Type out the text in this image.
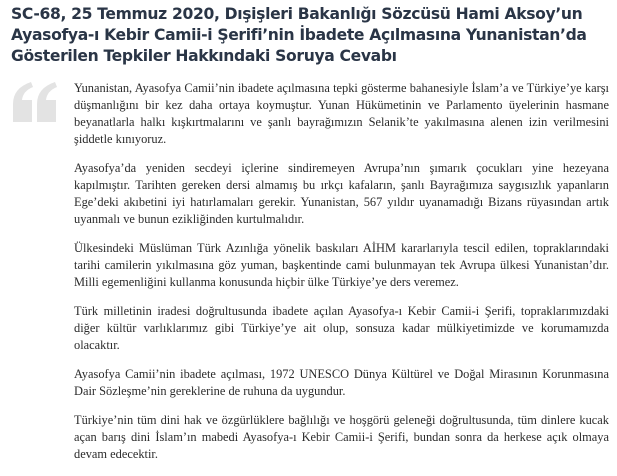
SC-68, 25 Temmuz 2020, Dışişleri Bakanlığı Sözcüsü Hami Aksoy’un Ayasofya-ı Kebir Camii-i Şerifi’nin İbadete Açılmasına Yunanistan’da Gösterilen Tepkiler Hakkındaki Soruya Cevabı

Yunanistan, Ayasofya Camii’nin ibadete açılmasına tepki gösterme bahanesiyle İslam’a ve Türkiye’ye karşı düşmanlığını bir kez daha ortaya koymuştur. Yunan Hükümetinin ve Parlamento üyelerinin hasmane beyanatlarla halkı kışkırtmalarını ve şanlı bayrağımızın Selanik’te yakılmasına alenen izin verilmesini şiddetle kınıyoruz.

Ayasofya’da yeniden secdeyi içlerine sindiremeyen Avrupa’nın şımarık çocukları yine hezeyana kapılmıştır. Tarihten gereken dersi almamış bu ırkçı kafaların, şanlı Bayrağımıza saygısızlık yapanların Ege’deki akıbetini iyi hatırlamaları gerekir. Yunanistan, 567 yıldır uyanamadığı Bizans rüyasından artık uyanmalı ve bunun ezikliğinden kurtulmalıdır.

Ülkesindeki Müslüman Türk Azınlığa yönelik baskıları AİHM kararlarıyla tescil edilen, topraklarındaki tarihi camilerin yıkılmasına göz yuman, başkentinde cami bulunmayan tek Avrupa ülkesi Yunanistan’dır. Milli egemenliğini kullanma konusunda hiçbir ülke Türkiye’ye ders veremez.

Türk milletinin iradesi doğrultusunda ibadete açılan Ayasofya-ı Kebir Camii-i Şerifi, topraklarımızdaki diğer kültür varlıklarımız gibi Türkiye’ye ait olup, sonsuza kadar mülkiyetimizde ve korumamızda olacaktır.

Ayasofya Camii’nin ibadete açılması, 1972 UNESCO Dünya Kültürel ve Doğal Mirasının Korunmasına Dair Sözleşme’nin gereklerine de ruhuna da uygundur.

Türkiye’nin tüm dini hak ve özgürlüklere bağlılığı ve hoşgörü geleneği doğrultusunda, tüm dinlere kucak açan barış dini İslam’ın mabedi Ayasofya-ı Kebir Camii-i Şerifi, bundan sonra da herkese açık olmaya devam edecektir.
